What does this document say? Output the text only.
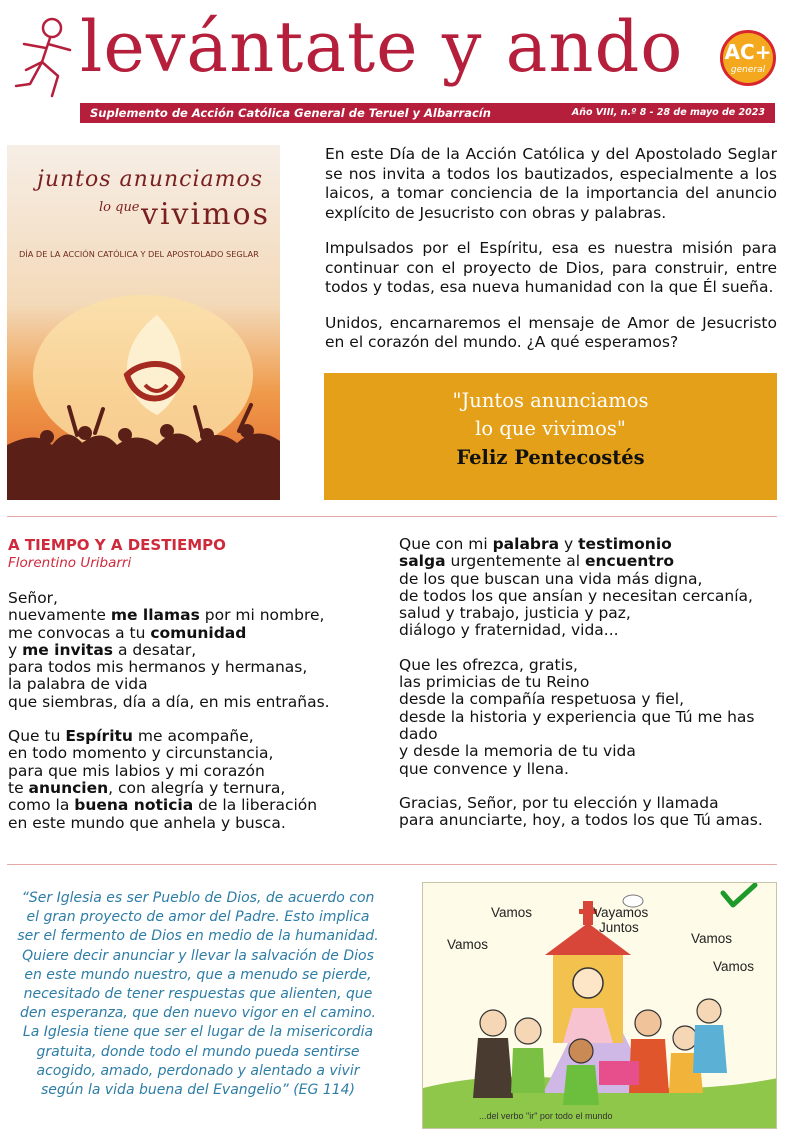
levántate y ando AC+
general
Suplemento de Acción Católica General de Teruel y Albarracín	Año VIII, n.º 8 - 28 de mayo de 2023
juntos anunciamos
lo que vivimos
DÍA DE LA ACCIÓN CATÓLICA Y DEL APOSTOLADO SEGLAR

En este Día de la Acción Católica y del Apostolado Seglar se nos invita a todos los bautizados, especialmente a los laicos, a tomar conciencia de la importancia del anuncio explícito de Jesucristo con obras y palabras.

Impulsados por el Espíritu, esa es nuestra misión para continuar con el proyecto de Dios, para construir, entre todos y todas, esa nueva humanidad con la que Él sueña.

Unidos, encarnaremos el mensaje de Amor de Jesucristo en el corazón del mundo. ¿A qué esperamos?

"Juntos anunciamos
lo que vivimos"
Feliz Pentecostés
A TIEMPO Y A DESTIEMPO
Florentino Uribarri
Señor,
nuevamente me llamas por mi nombre,
me convocas a tu comunidad
y me invitas a desatar,
para todos mis hermanos y hermanas,
la palabra de vida
que siembras, día a día, en mis entrañas.
Que tu Espíritu me acompañe,
en todo momento y circunstancia,
para que mis labios y mi corazón
te anuncien, con alegría y ternura,
como la buena noticia de la liberación
en este mundo que anhela y busca.
Que con mi palabra y testimonio
salga urgentemente al encuentro
de los que buscan una vida más digna,
de todos los que ansían y necesitan cercanía,
salud y trabajo, justicia y paz,
diálogo y fraternidad, vida...
Que les ofrezca, gratis,
las primicias de tu Reino
desde la compañía respetuosa y fiel,
desde la historia y experiencia que Tú me has
dado
y desde la memoria de tu vida
que convence y llena.
Gracias, Señor, por tu elección y llamada
para anunciarte, hoy, a todos los que Tú amas.
“Ser Iglesia es ser Pueblo de Dios, de acuerdo con el gran proyecto de amor del Padre. Esto implica ser el fermento de Dios en medio de la humanidad. Quiere decir anunciar y llevar la salvación de Dios en este mundo nuestro, que a menudo se pierde, necesitado de tener respuestas que alienten, que den esperanza, que den nuevo vigor en el camino. La Iglesia tiene que ser el lugar de la misericordia gratuita, donde todo el mundo pueda sentirse acogido, amado, perdonado y alentado a vivir según la vida buena del Evangelio” (EG 114)
Vamos	Vayamos
Juntos
Vamos	Vamos
Vamos
...del verbo "ir" por todo el mundo
